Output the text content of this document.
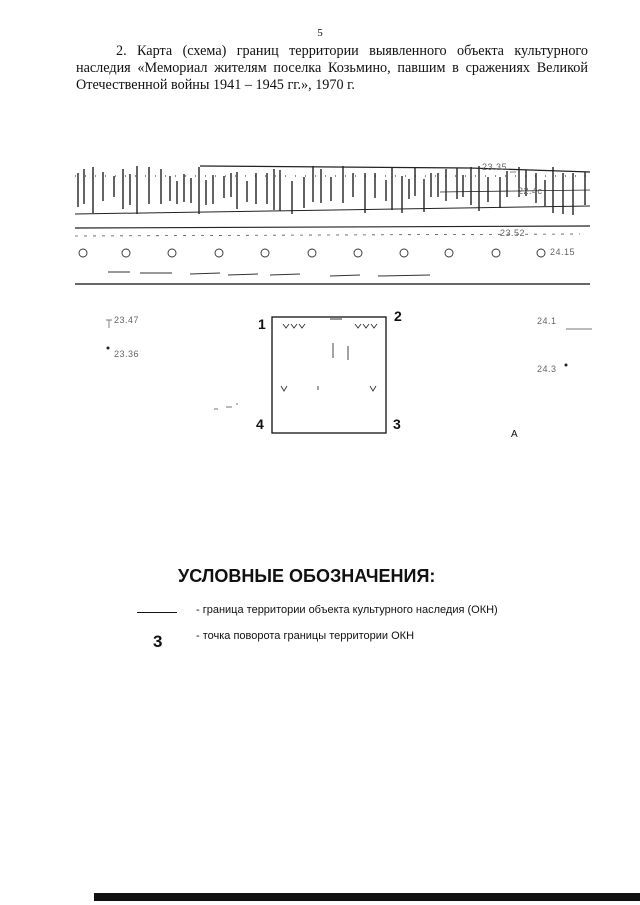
5

2. Карта (схема) границ территории выявленного объекта культурного наследия «Мемориал жителям поселка Козьмино, павшим в сражениях Великой Отечественной войны 1941 – 1945 гг.», 1970 г.

1	2
3
4
23.35
22.4c
23.52
24.15
23.47
23.36
24.1
24.3
А
УСЛОВНЫЕ ОБОЗНАЧЕНИЯ:
- граница территории объекта культурного наследия (ОКН)
3	- точка поворота границы территории ОКН
